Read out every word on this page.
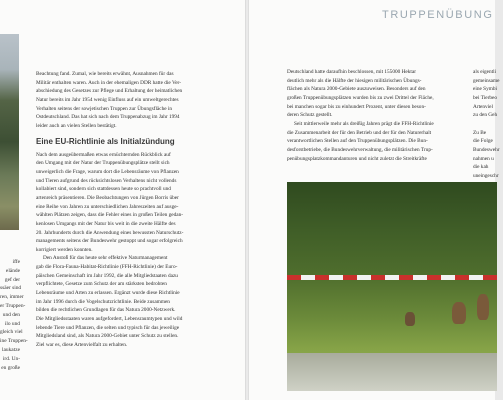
iffe
elände
gef der
ssäer sind
ren, immer
er Truppen-
und den
ilo und
gleich viel
ine Truppen-
laukatze
ird. Un-
en große
Beachtung fand. Zumal, wie bereits erwähnt, Ausnahmen für das
Militär enthalten waren. Auch in der ehemaligen DDR hatte die Ver-
abschiedung des Gesetzes zur Pflege und Erhaltung der heimatlichen
Natur bereits im Jahr 1954 wenig Einfluss auf ein umweltgerechtes
Verhalten seitens der sowjetischen Truppen zur Übungsfläche in
Ostdeutschland. Das hat sich nach dem Truppenabzug im Jahr 1994
leider auch an vielen Stellen bestätigt.
Eine EU-Richtlinie als Initialzündung
Nach dem ausgeübermaßen etwas ernüchternden Rückblick auf
den Umgang mit der Natur der Truppenübungsplätze stellt sich
unweigerlich die Frage, warum dort die Lebensräume von Pflanzen
und Tieren aufgrund des rücksichtslosen Verhaltens nicht vollends
kollabiert sind, sondern sich stattdessen heute so prachtvoll und
artenreich präsentieren. Die Beobachtungen von Jürgen Borris über
eine Reihe von Jahren zu unterschiedlichen Jahreszeiten auf ausge-
wählten Plätzen zeigen, dass die Fehler eines in großen Teilen gedan-
kenlosen Umgangs mit der Natur bis weit in die zweite Hälfte des
20. Jahrhunderts durch die Anwendung eines bewussten Naturschutz-
managements seitens der Bundeswehr gestoppt und sogar erfolgreich
korrigiert werden konnten.
Den Anstoß für das heute sehr effektive Naturmanagement
gab die Flora-Fauna-Habitat-Richtlinie (FFH-Richtlinie) der Euro-
päischen Gemeinschaft im Jahr 1992, die alle Mitgliedstaaten dazu
verpflichtete, Gesetze zum Schutz der am stärksten bedrohten
Lebensräume und Arten zu erlassen. Ergänzt wurde diese Richtlinie
im Jahr 1996 durch die Vogelschutzrichtlinie. Beide zusammen
bilden die rechtlichen Grundlagen für das Natura 2000-Netzwerk.
Die Mitgliedsstaaten waren aufgefordert, Lebensraumtypen und wild
lebende Tiere und Pflanzen, die selten und typisch für das jeweilige
Mitgliedsland sind, als Natura 2000-Gebiet unter Schutz zu stellen.
Ziel war es, diese Artenvielfalt zu erhalten.
TRUPPENÜBUNG
Deutschland hatte daraufhin beschlossen, mit 155000 Hektar
deutlich mehr als die Hälfte der hiesigen militärischen Übungs-
flächen als Natura 2000-Gebiete auszuweisen. Besonders auf den
großen Truppenübungsplätzen wurden bis zu zwei Drittel der Fläche,
bei manchen sogar bis zu einhundert Prozent, unter diesen beson-
deren Schutz gestellt.
Seit mittlerweile mehr als dreißig Jahren prägt die FFH-Richtlinie
die Zusammenarbeit der für den Betrieb und der für den Naturerhalt
verantwortlichen Stellen auf den Truppenübungsplätzen. Die Bun-
desforstbetriebe, die Bundeswehrverwaltung, die militärischen Trup-
penübungsplatzkommandanturen und nicht zuletzt die Streitkräfte
als eigentli
gemeinsame
eine Symbi
bei Tierbeo
Artenviel
zu den Geh

Zu Be
die Folge
Bundeswehr
nahmen u
die kah
uneingeschr
